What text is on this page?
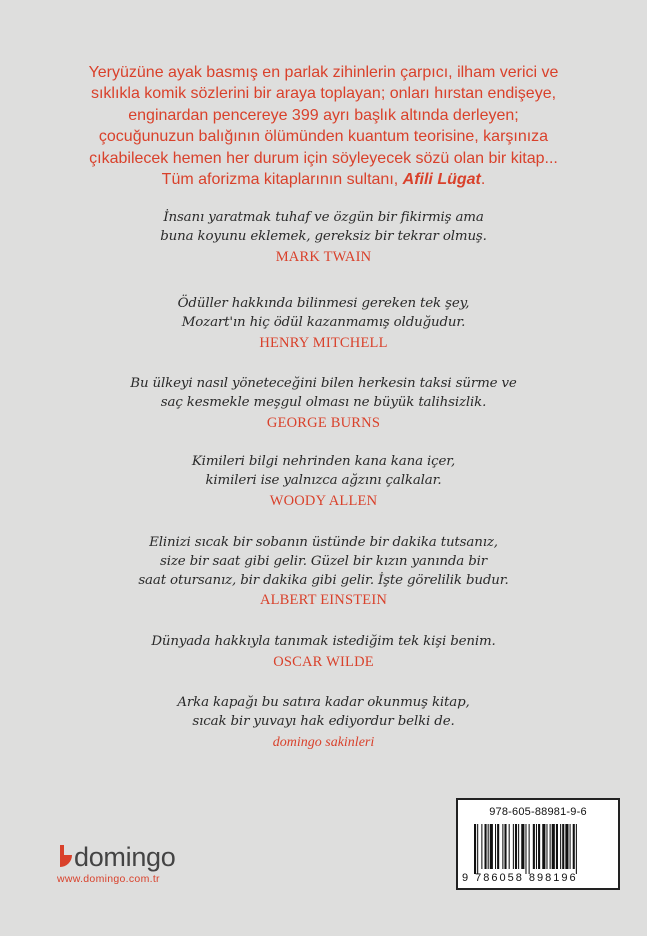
Yeryüzüne ayak basmış en parlak zihinlerin çarpıcı, ilham verici ve
sıklıkla komik sözlerini bir araya toplayan; onları hırstan endişeye,
enginardan pencereye 399 ayrı başlık altında derleyen;
çocuğunuzun balığının ölümünden kuantum teorisine, karşınıza
çıkabilecek hemen her durum için söyleyecek sözü olan bir kitap...
Tüm aforizma kitaplarının sultanı, Afili Lügat.
İnsanı yaratmak tuhaf ve özgün bir fikirmiş ama
buna koyunu eklemek, gereksiz bir tekrar olmuş.
MARK TWAIN
Ödüller hakkında bilinmesi gereken tek şey,
Mozart'ın hiç ödül kazanmamış olduğudur.
HENRY MITCHELL
Bu ülkeyi nasıl yöneteceğini bilen herkesin taksi sürme ve
saç kesmekle meşgul olması ne büyük talihsizlik.
GEORGE BURNS
Kimileri bilgi nehrinden kana kana içer,
kimileri ise yalnızca ağzını çalkalar.
WOODY ALLEN
Elinizi sıcak bir sobanın üstünde bir dakika tutsanız,
size bir saat gibi gelir. Güzel bir kızın yanında bir
saat otursanız, bir dakika gibi gelir. İşte görelilik budur.
ALBERT EINSTEIN
Dünyada hakkıyla tanımak istediğim tek kişi benim.
OSCAR WILDE
Arka kapağı bu satıra kadar okunmuş kitap,
sıcak bir yuvayı hak ediyordur belki de.
domingo sakinleri
domingo
www.domingo.com.tr
978-605-88981-9-6
9 786058 898196
